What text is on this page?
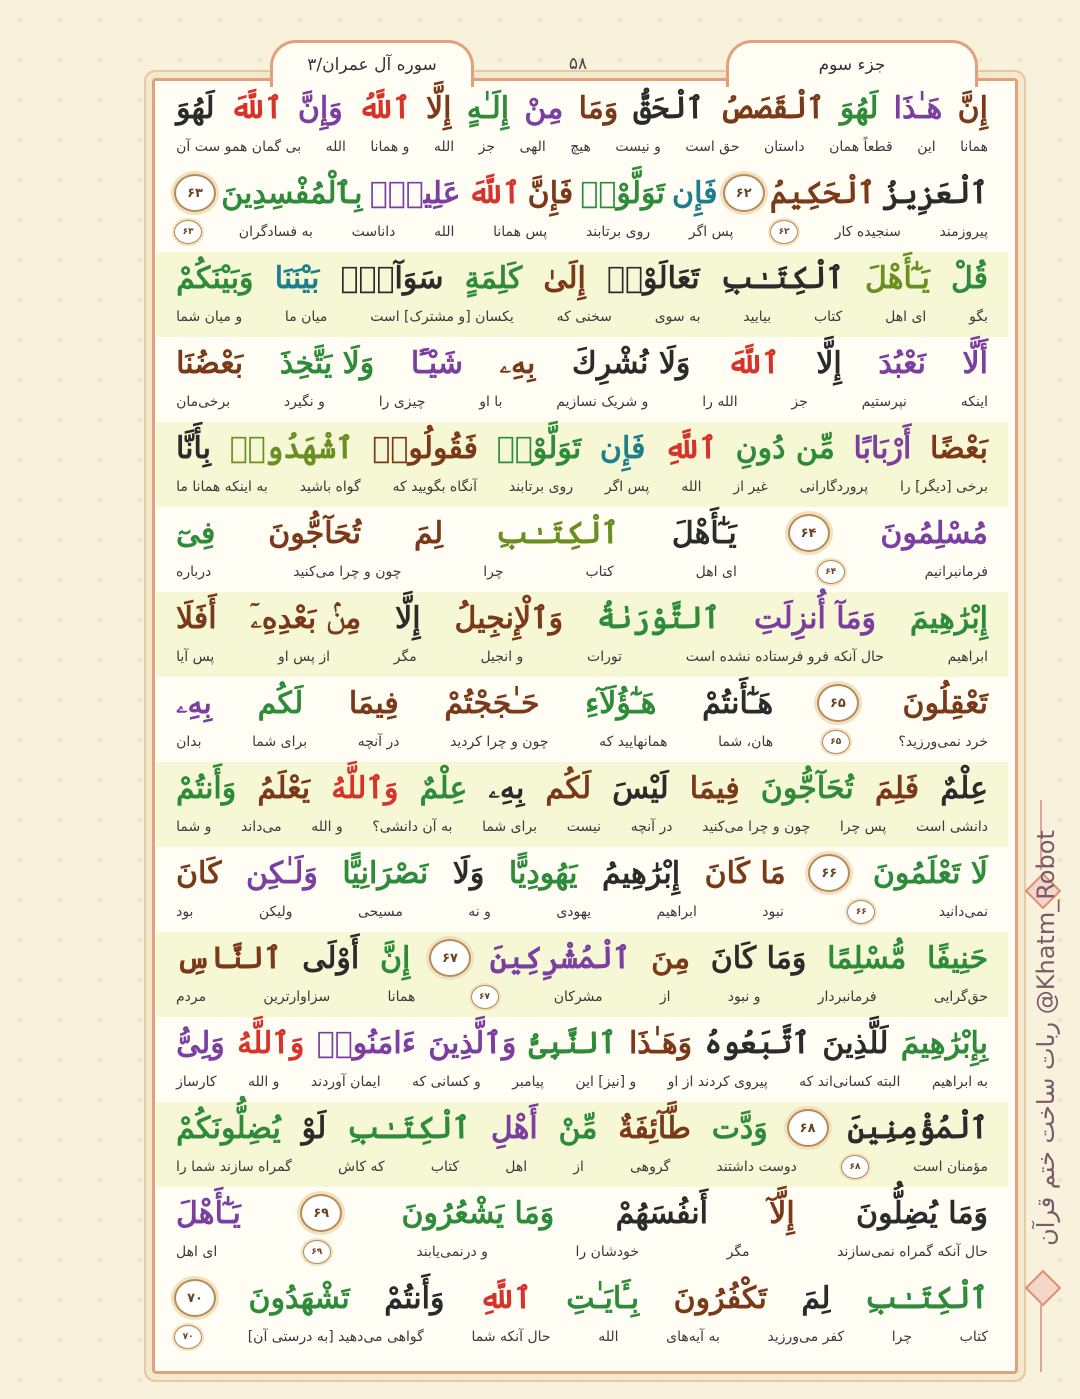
جزء سوم
سوره آل عمران/۳	۵۸
إِنَّ
هَـٰذَا
لَهُوَ
ٱلْقَصَصُ
ٱلْحَقُّ
وَمَا
مِنْ
إِلَـٰهٍ
إِلَّا
ٱللَّهُ
وَإِنَّ
ٱللَّهَ
لَهُوَ
همانا
این
قطعاً همان
داستان
حق است
و نیست
هیچ
الهی
جز
الله
و همانا
الله
بی گمان همو ست آن
ٱلْعَزِيزُ
ٱلْحَكِيمُ
۶۲
فَإِن
تَوَلَّوْا۟
فَإِنَّ
ٱللَّهَ
عَلِيمٌۢ
بِٱلْمُفْسِدِينَ
۶۳
پیروزمند
سنجیده کار
۶۲
پس اگر
روی برتابند
پس همانا
الله
داناست
به فسادگران
۶۳
قُلْ
يَـٰٓأَهْلَ
ٱلْكِتَـٰبِ
تَعَالَوْا۟
إِلَىٰ
كَلِمَةٍ
سَوَآءٍۭ
بَيْنَنَا
وَبَيْنَكُمْ
بگو
ای اهل
کتاب
بیایید
به سوی
سخنی که
یکسان [و مشترک] است
میان ما
و میان شما
أَلَّا
نَعْبُدَ
إِلَّا
ٱللَّهَ
وَلَا نُشْرِكَ
بِهِۦ
شَيْـًٔا
وَلَا يَتَّخِذَ
بَعْضُنَا
اینکه
نپرستیم
جز
الله را
و شریک نسازیم
با او
چیزی را
و نگیرد
برخی‌مان
بَعْضًا
أَرْبَابًا
مِّن دُونِ
ٱللَّهِ
فَإِن
تَوَلَّوْا۟
فَقُولُوا۟
ٱشْهَدُوا۟
بِأَنَّا
برخی [دیگر] را
پروردگارانی
غیر از
الله
پس اگر
روی برتابند
آنگاه بگویید که
گواه باشید
به اینکه همانا ما
مُسْلِمُونَ
۶۴
يَـٰٓأَهْلَ
ٱلْكِتَـٰبِ
لِمَ
تُحَآجُّونَ
فِىٓ
فرمانبرانیم
۶۴
ای اهل
کتاب
چرا
چون و چرا می‌کنید
درباره
إِبْرَٰهِيمَ
وَمَآ أُنزِلَتِ
ٱلتَّوْرَىٰةُ
وَٱلْإِنجِيلُ
إِلَّا
مِنۢ بَعْدِهِۦٓ
أَفَلَا
ابراهیم
حال آنکه فرو فرستاده نشده است
تورات
و انجیل
مگر
از پس او
پس آیا
تَعْقِلُونَ
۶۵
هَـٰٓأَنتُمْ
هَـٰٓؤُلَآءِ
حَـٰجَجْتُمْ
فِيمَا
لَكُم
بِهِۦ
خرد نمی‌ورزید؟
۶۵
هان، شما
همانهایید که
چون و چرا کردید
در آنچه
برای شما
بدان
عِلْمٌ
فَلِمَ
تُحَآجُّونَ
فِيمَا
لَيْسَ
لَكُم
بِهِۦ
عِلْمٌ
وَٱللَّهُ
يَعْلَمُ
وَأَنتُمْ
دانشی است
پس چرا
چون و چرا می‌کنید
در آنچه
نیست
برای شما
به آن دانشی؟
و الله
می‌داند
و شما
لَا تَعْلَمُونَ
۶۶
مَا كَانَ
إِبْرَٰهِيمُ
يَهُودِيًّا
وَلَا
نَصْرَانِيًّا
وَلَـٰكِن
كَانَ
نمی‌دانید
۶۶
نبود
ابراهیم
یهودی
و نه
مسیحی
ولیکن
بود
حَنِيفًا
مُّسْلِمًا
وَمَا كَانَ
مِنَ
ٱلْمُشْرِكِينَ
۶۷
إِنَّ
أَوْلَى
ٱلنَّاسِ
حق‌گرایی
فرمانبردار
و نبود
از
مشرکان
۶۷
همانا
سزاوارترین
مردم
بِإِبْرَٰهِيمَ
لَلَّذِينَ
ٱتَّبَعُوهُ
وَهَـٰذَا
ٱلنَّبِىُّ
وَٱلَّذِينَ
ءَامَنُوا۟
وَٱللَّهُ
وَلِىُّ
به ابراهیم
البته کسانی‌اند که
پیروی کردند از او
و [نیز] این
پیامبر
و کسانی که
ایمان آوردند
و الله
کارساز
ٱلْمُؤْمِنِينَ
۶۸
وَدَّت
طَّآئِفَةٌ
مِّنْ
أَهْلِ
ٱلْكِتَـٰبِ
لَوْ
يُضِلُّونَكُمْ
مؤمنان است
۶۸
دوست داشتند
گروهی
از
اهل
کتاب
که کاش
گمراه سازند شما را
وَمَا يُضِلُّونَ
إِلَّآ
أَنفُسَهُمْ
وَمَا يَشْعُرُونَ
۶۹
يَـٰٓأَهْلَ
حال آنکه گمراه نمی‌سازند
مگر
خودشان را
و درنمی‌یابند
۶۹
ای اهل
ٱلْكِتَـٰبِ
لِمَ
تَكْفُرُونَ
بِـَٔايَـٰتِ
ٱللَّهِ
وَأَنتُمْ
تَشْهَدُونَ
۷۰
کتاب
چرا
کفر می‌ورزید
به آیه‌های
الله
حال آنکه شما
گواهی می‌دهید [به درستی آن]
۷۰
ربات ساخت ختم قرآن @Khatm_Robot
